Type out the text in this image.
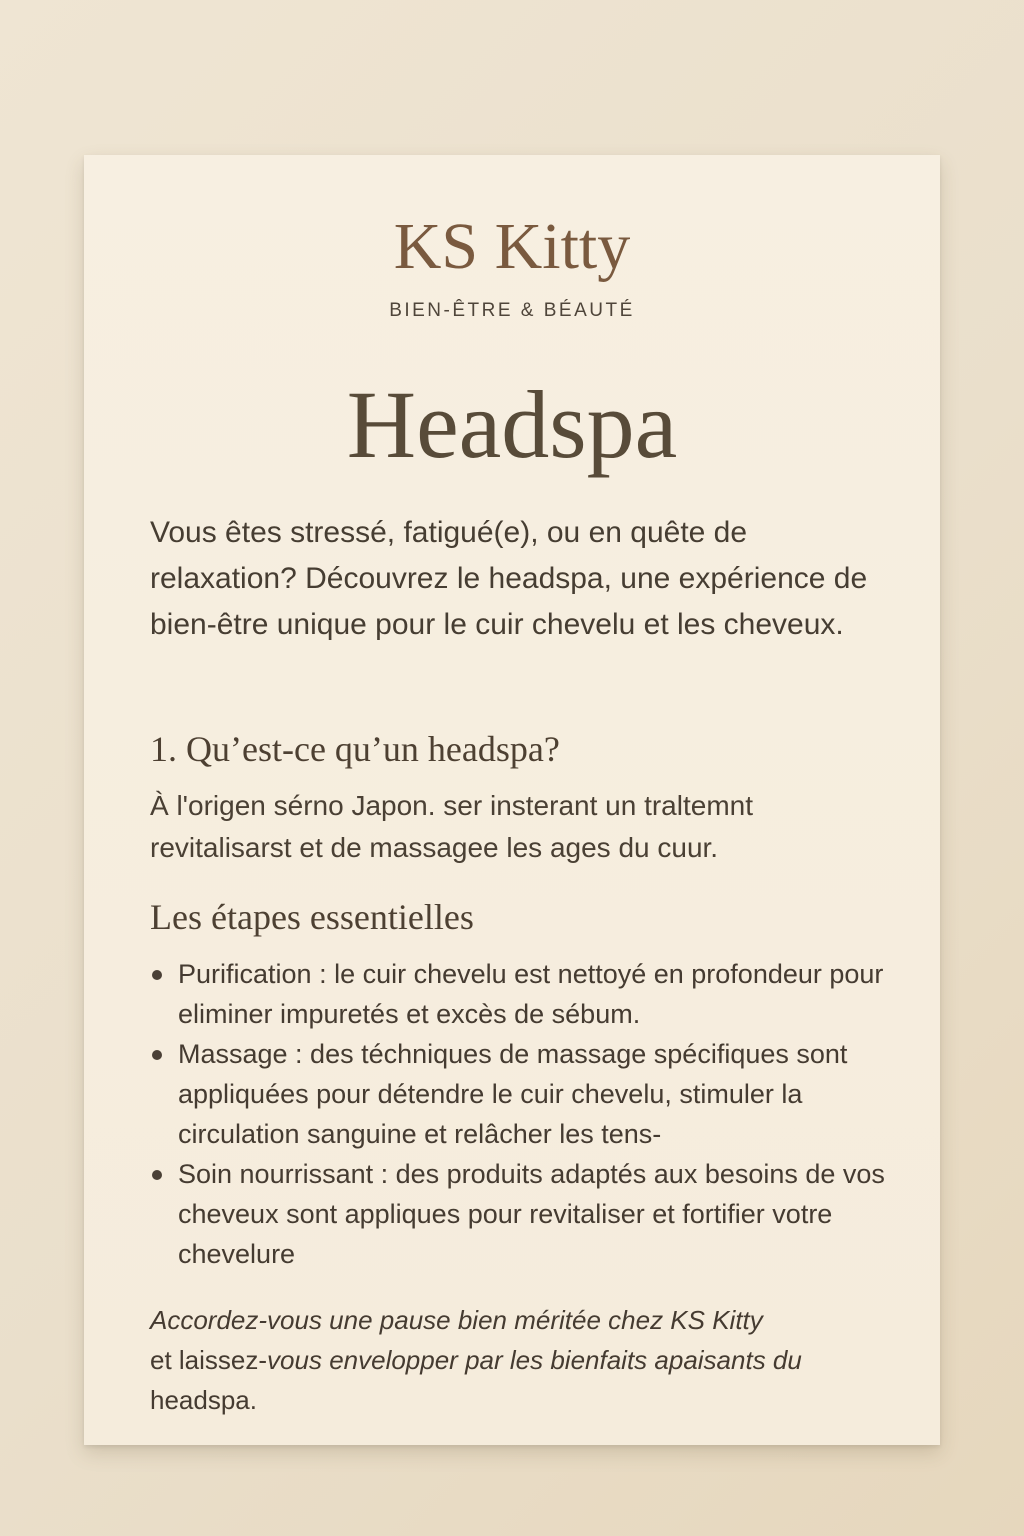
KS Kitty
BIEN-ÊTRE & BÉAUTÉ
Headspa
Vous êtes stressé, fatigué(e), ou en quête de relaxation? Découvrez le headspa, une expérience de bien-être unique pour le cuir chevelu et les cheveux.
1. Qu’est-ce qu’un headspa?
À l'origen sérno Japon. ser insterant un traltemnt revitalisarst et de massagee les ages du cuur.
Les étapes essentielles
Purification : le cuir chevelu est nettoyé en profondeur pour eliminer impuretés et excès de sébum.
Massage : des téchniques de massage spécifiques sont appliquées pour détendre le cuir chevelu, stimuler la circulation sanguine et relâcher les tens-
Soin nourrissant : des produits adaptés aux besoins de vos cheveux sont appliques pour revitaliser et fortifier votre chevelure
Accordez-vous une pause bien méritée chez KS Kitty
et laissez-vous envelopper par les bienfaits apaisants du
headspa.
